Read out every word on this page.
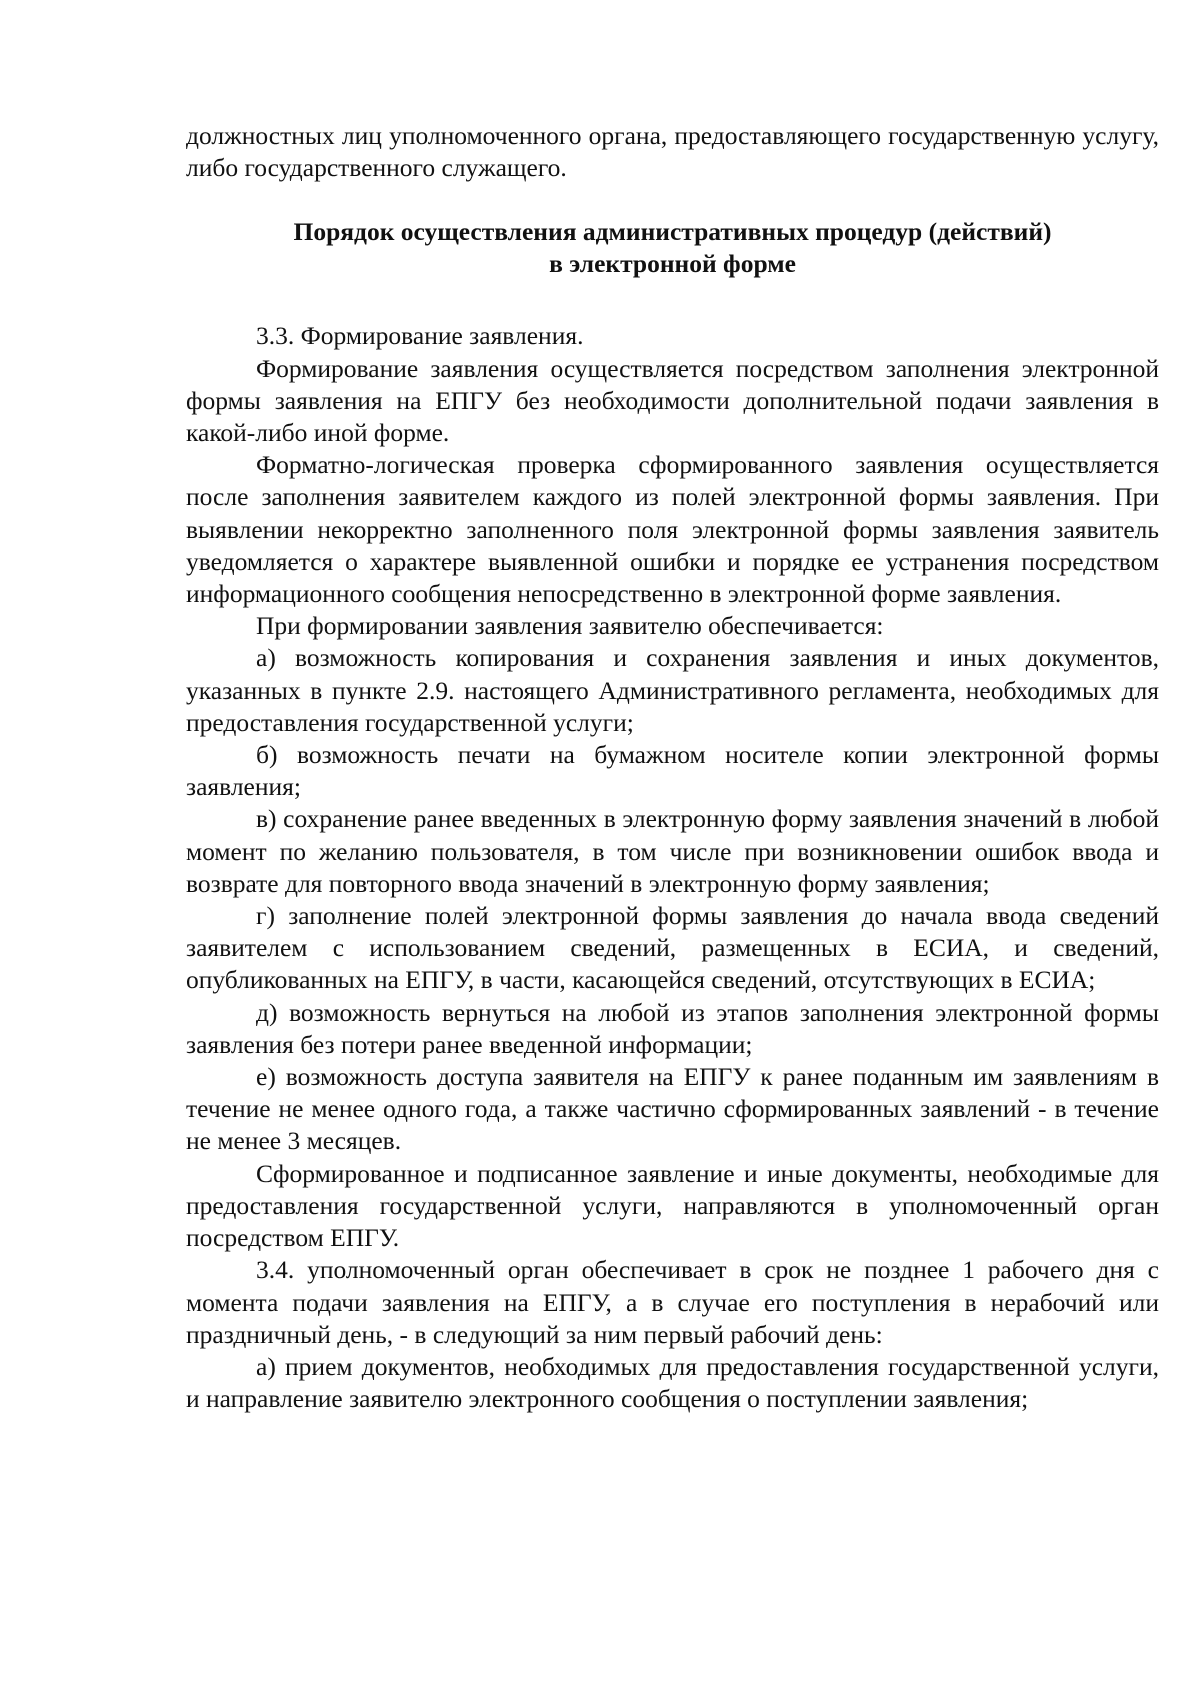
должностных лиц уполномоченного органа, предоставляющего государственную услугу, либо государственного служащего.

Порядок осуществления административных процедур (действий)
в электронной форме

3.3. Формирование заявления.

Формирование заявления осуществляется посредством заполнения электронной формы заявления на ЕПГУ без необходимости дополнительной подачи заявления в какой-либо иной форме.

Форматно-логическая проверка сформированного заявления осуществляется после заполнения заявителем каждого из полей электронной формы заявления. При выявлении некорректно заполненного поля электронной формы заявления заявитель уведомляется о характере выявленной ошибки и порядке ее устранения посредством информационного сообщения непосредственно в электронной форме заявления.

При формировании заявления заявителю обеспечивается:

а) возможность копирования и сохранения заявления и иных документов, указанных в пункте 2.9. настоящего Административного регламента, необходимых для предоставления государственной услуги;

б) возможность печати на бумажном носителе копии электронной формы заявления;

в) сохранение ранее введенных в электронную форму заявления значений в любой момент по желанию пользователя, в том числе при возникновении ошибок ввода и возврате для повторного ввода значений в электронную форму заявления;

г) заполнение полей электронной формы заявления до начала ввода сведений заявителем с использованием сведений, размещенных в ЕСИА, и сведений, опубликованных на ЕПГУ, в части, касающейся сведений, отсутствующих в ЕСИА;

д) возможность вернуться на любой из этапов заполнения электронной формы заявления без потери ранее введенной информации;

е) возможность доступа заявителя на ЕПГУ к ранее поданным им заявлениям в течение не менее одного года, а также частично сформированных заявлений - в течение не менее 3 месяцев.

Сформированное и подписанное заявление и иные документы, необходимые для предоставления государственной услуги, направляются в уполномоченный орган посредством ЕПГУ.

3.4. уполномоченный орган обеспечивает в срок не позднее 1 рабочего дня с момента подачи заявления на ЕПГУ, а в случае его поступления в нерабочий или праздничный день, - в следующий за ним первый рабочий день:

а) прием документов, необходимых для предоставления государственной услуги, и направление заявителю электронного сообщения о поступлении заявления;
